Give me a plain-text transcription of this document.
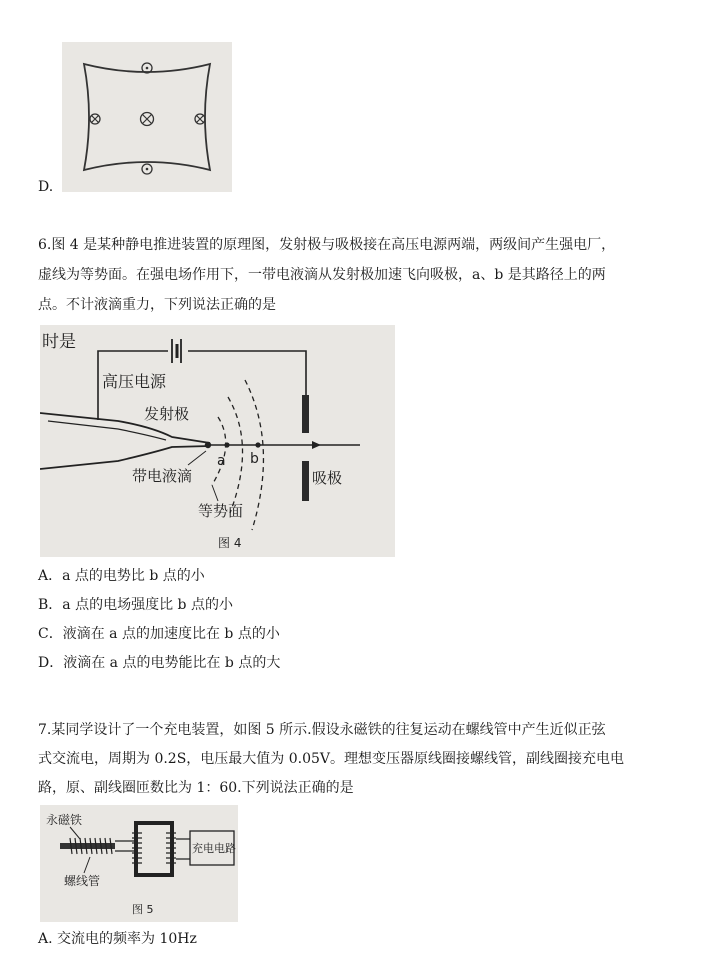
D.
6.图 4 是某种静电推进装置的原理图，发射极与吸极接在高压电源两端，两级间产生强电厂，
虚线为等势面。在强电场作用下，一带电液滴从发射极加速飞向吸极，a、b 是其路径上的两
点。不计液滴重力，下列说法正确的是
时是
高压电源
发射极
a b
吸极
带电液滴
等势面
图 4
A．a 点的电势比 b 点的小
B．a 点的电场强度比 b 点的小
C．液滴在 a 点的加速度比在 b 点的小
D．液滴在 a 点的电势能比在 b 点的大
7.某同学设计了一个充电装置，如图 5 所示.假设永磁铁的往复运动在螺线管中产生近似正弦
式交流电，周期为 0.2S，电压最大值为 0.05V。理想变压器原线圈接螺线管，副线圈接充电电
路，原、副线圈匝数比为 1：60.下列说法正确的是
永磁铁
螺线管
充电电路
图 5
A. 交流电的频率为 10Hz
